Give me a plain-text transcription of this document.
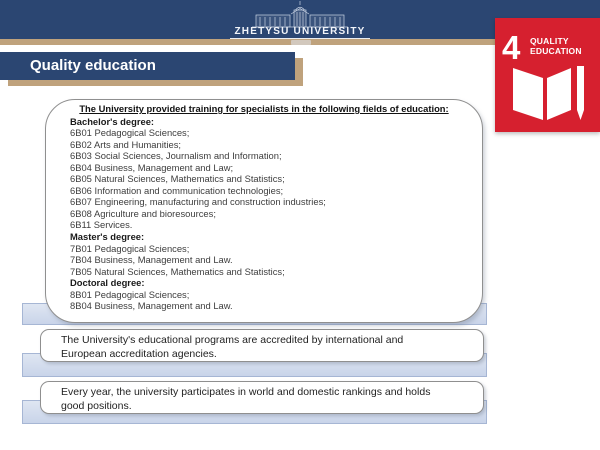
ZHETYSU UNIVERSITY
Quality education	4 QUALITY
EDUCATION
The University provided training for specialists in the following fields of education:
Bachelor's degree:
6B01 Pedagogical Sciences;
6B02 Arts and Humanities;
6B03 Social Sciences, Journalism and Information;
6B04 Business, Management and Law;
6B05 Natural Sciences, Mathematics and Statistics;
6B06 Information and communication technologies;
6B07 Engineering, manufacturing and construction industries;
6B08 Agriculture and bioresources;
6B11 Services.
Master's degree:
7B01 Pedagogical Sciences;
7B04 Business, Management and Law.
7B05 Natural Sciences, Mathematics and Statistics;
Doctoral degree:
8B01 Pedagogical Sciences;
8B04 Business, Management and Law.
The University's educational programs are accredited by international and European accreditation agencies.
Every year, the university participates in world and domestic rankings and holds good positions.
